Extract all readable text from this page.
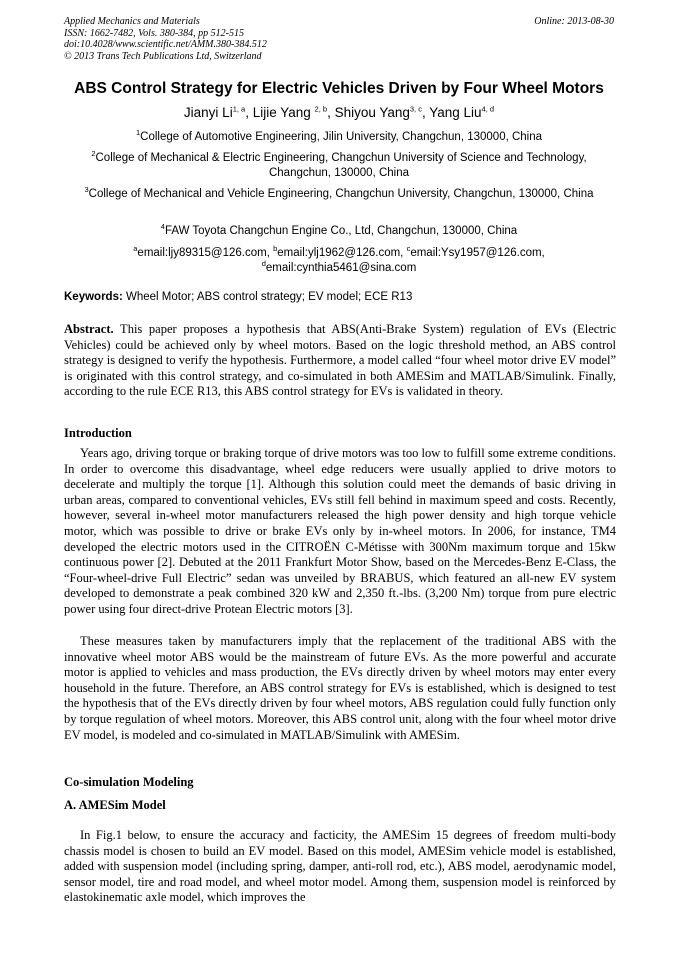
Applied Mechanics and Materials
ISSN: 1662-7482, Vols. 380-384, pp 512-515
doi:10.4028/www.scientific.net/AMM.380-384.512
© 2013 Trans Tech Publications Ltd, Switzerland
Online: 2013-08-30
ABS Control Strategy for Electric Vehicles Driven by Four Wheel Motors
Jianyi Li$^{1, a}$, Lijie Yang $^{2, b}$, Shiyou Yang$^{3, c}$, Yang Liu$^{4, d}$
$^1$College of Automotive Engineering, Jilin University, Changchun, 130000, China
$^2$College of Mechanical & Electric Engineering, Changchun University of Science and Technology, Changchun, 130000, China
$^3$College of Mechanical and Vehicle Engineering, Changchun University, Changchun, 130000, China
$^4$FAW Toyota Changchun Engine Co., Ltd, Changchun, 130000, China
$^a$email:ljy89315@126.com, $^b$email:ylj1962@126.com, $^c$email:Ysy1957@126.com,
$^d$email:cynthia5461@sina.com
Keywords: Wheel Motor; ABS control strategy; EV model; ECE R13

Abstract. This paper proposes a hypothesis that ABS(Anti-Brake System) regulation of EVs (Electric Vehicles) could be achieved only by wheel motors. Based on the logic threshold method, an ABS control strategy is designed to verify the hypothesis. Furthermore, a model called “four wheel motor drive EV model” is originated with this control strategy, and co-simulated in both AMESim and MATLAB/Simulink. Finally, according to the rule ECE R13, this ABS control strategy for EVs is validated in theory.

Introduction

Years ago, driving torque or braking torque of drive motors was too low to fulfill some extreme conditions. In order to overcome this disadvantage, wheel edge reducers were usually applied to drive motors to decelerate and multiply the torque [1]. Although this solution could meet the demands of basic driving in urban areas, compared to conventional vehicles, EVs still fell behind in maximum speed and costs. Recently, however, several in-wheel motor manufacturers released the high power density and high torque vehicle motor, which was possible to drive or brake EVs only by in-wheel motors. In 2006, for instance, TM4 developed the electric motors used in the CITROËN C-Métisse with 300Nm maximum torque and 15kw continuous power [2]. Debuted at the 2011 Frankfurt Motor Show, based on the Mercedes-Benz E-Class, the “Four-wheel-drive Full Electric” sedan was unveiled by BRABUS, which featured an all-new EV system developed to demonstrate a peak combined 320 kW and 2,350 ft.-lbs. (3,200 Nm) torque from pure electric power using four direct-drive Protean Electric motors [3].

These measures taken by manufacturers imply that the replacement of the traditional ABS with the innovative wheel motor ABS would be the mainstream of future EVs. As the more powerful and accurate motor is applied to vehicles and mass production, the EVs directly driven by wheel motors may enter every household in the future. Therefore, an ABS control strategy for EVs is established, which is designed to test the hypothesis that of the EVs directly driven by four wheel motors, ABS regulation could fully function only by torque regulation of wheel motors. Moreover, this ABS control unit, along with the four wheel motor drive EV model, is modeled and co-simulated in MATLAB/Simulink with AMESim.

Co-simulation Modeling
A. AMESim Model

In Fig.1 below, to ensure the accuracy and facticity, the AMESim 15 degrees of freedom multi-body chassis model is chosen to build an EV model. Based on this model, AMESim vehicle model is established, added with suspension model (including spring, damper, anti-roll rod, etc.), ABS model, aerodynamic model, sensor model, tire and road model, and wheel motor model. Among them, suspension model is reinforced by elastokinematic axle model, which improves the
